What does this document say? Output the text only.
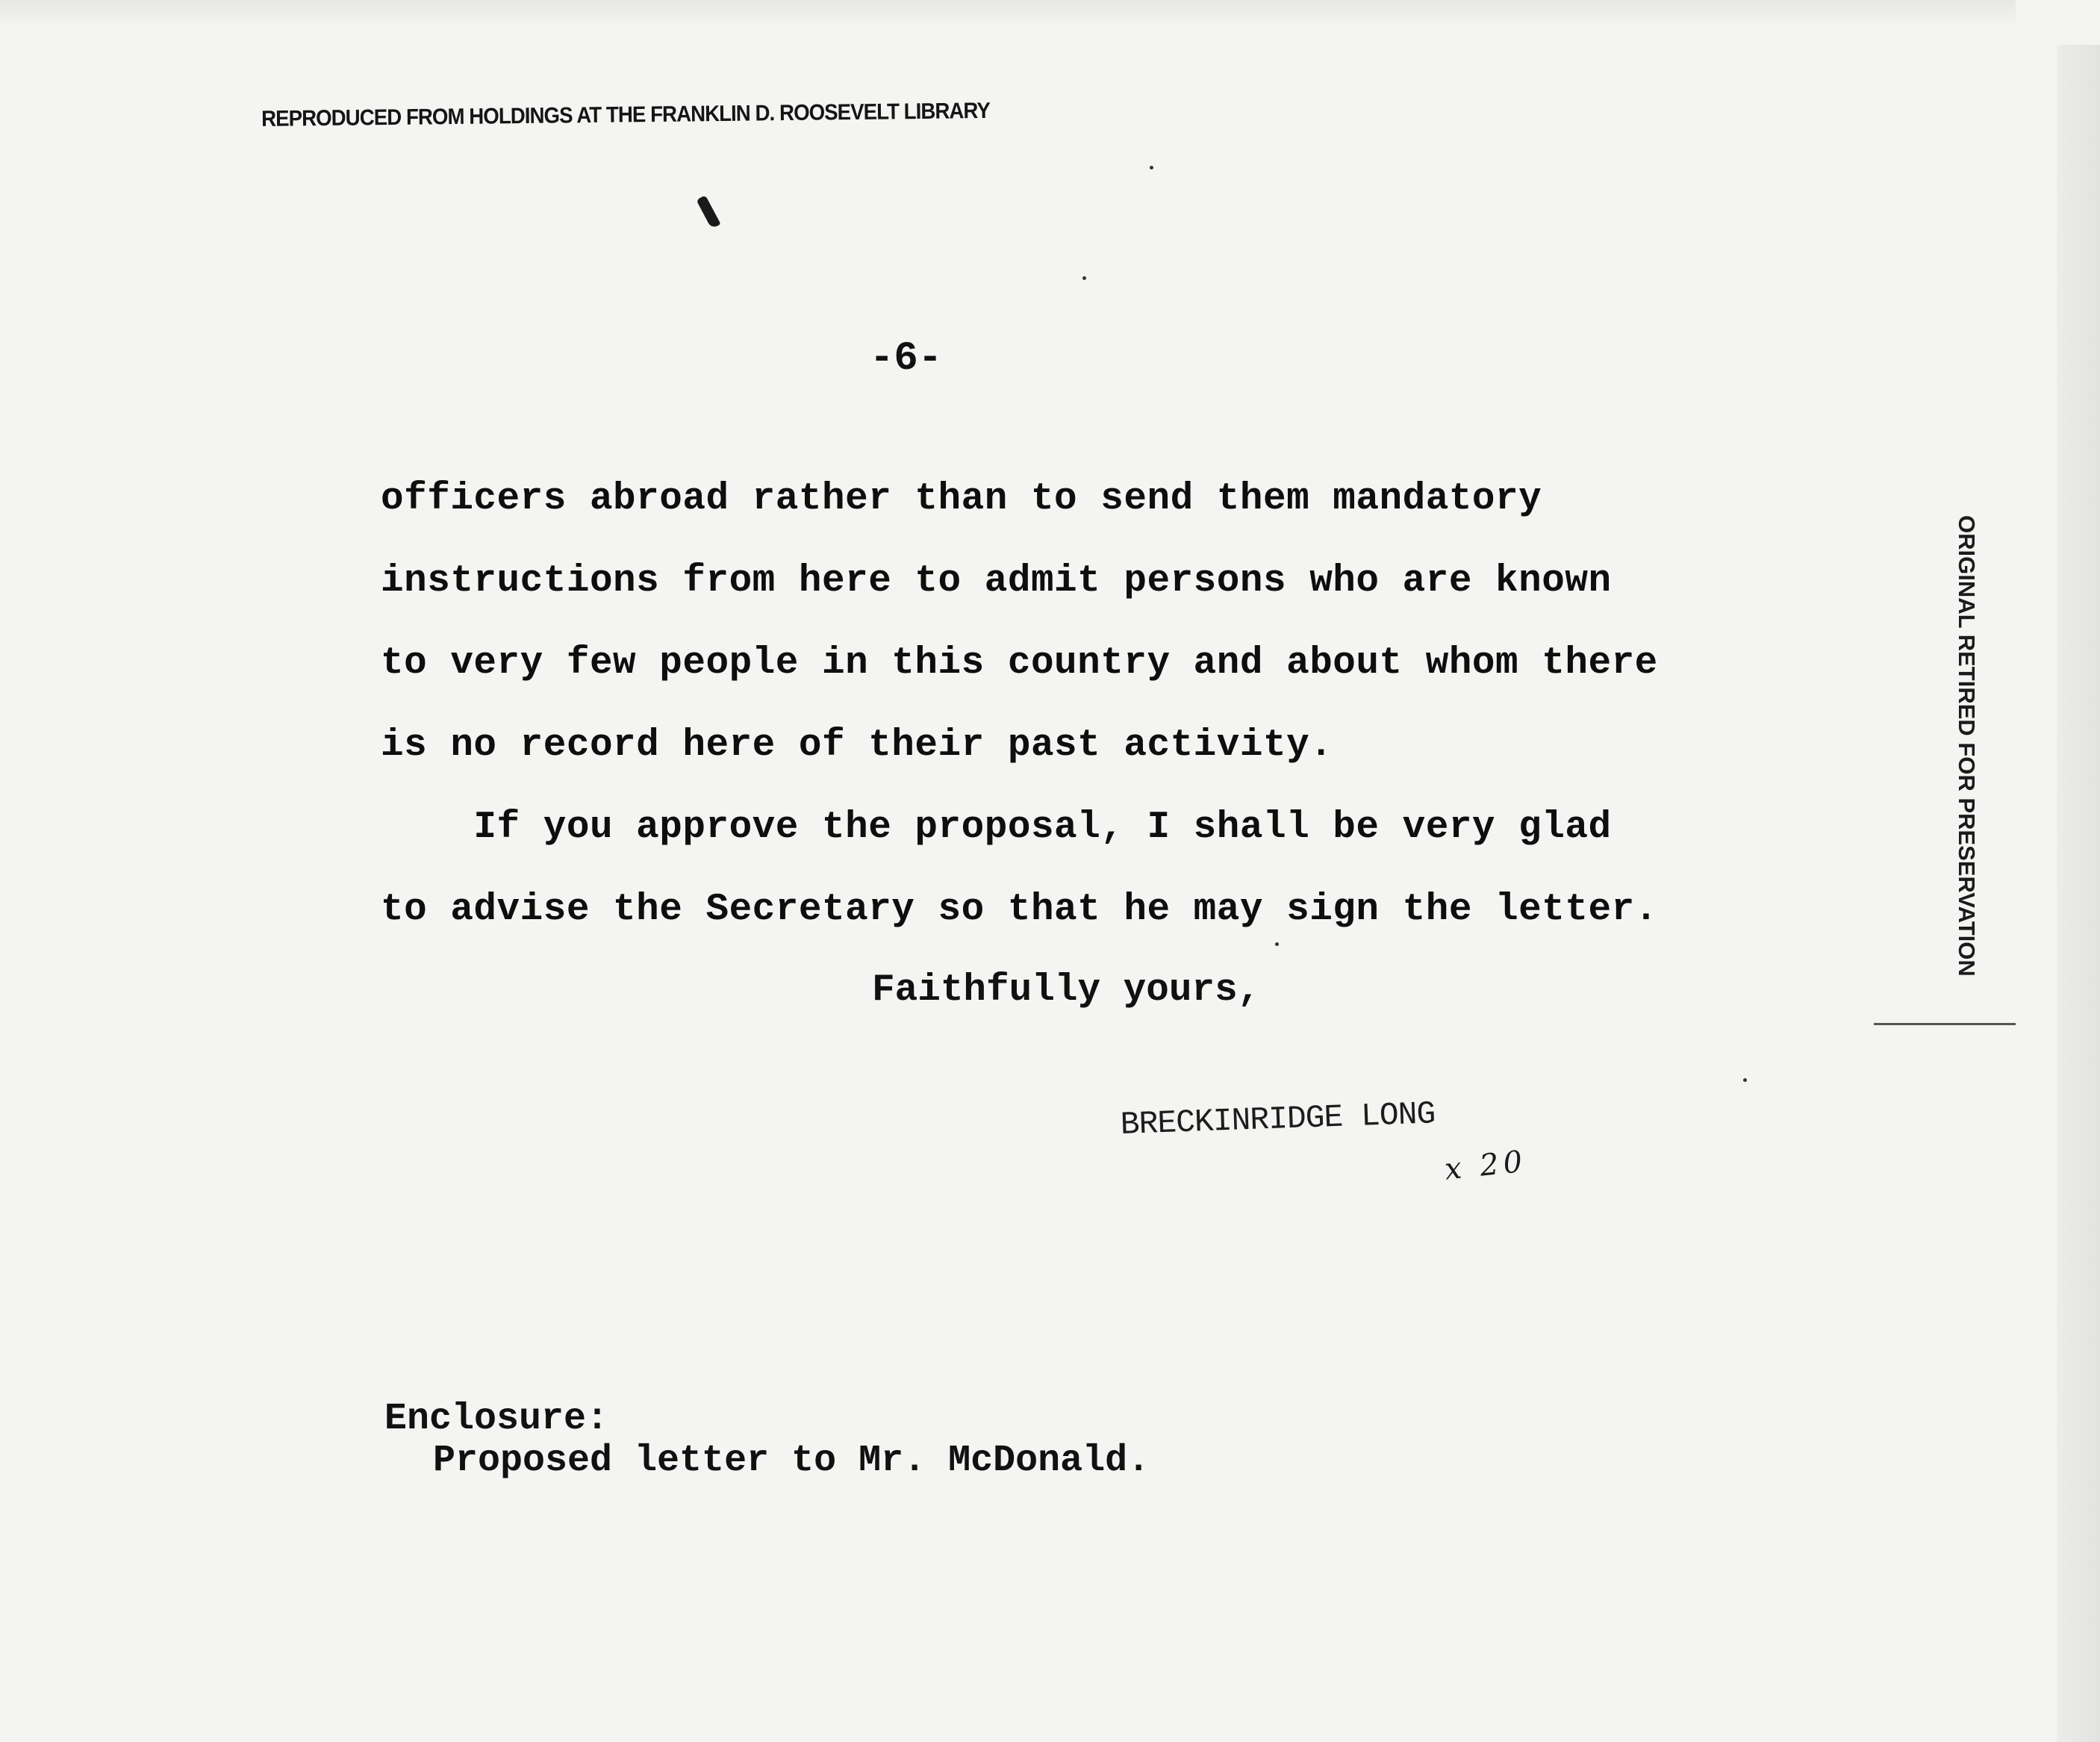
REPRODUCED FROM HOLDINGS AT THE FRANKLIN D. ROOSEVELT LIBRARY
-6-
officers abroad rather than to send them mandatory
instructions from here to admit persons who are known
to very few people in this country and about whom there
is no record here of their past activity.
If you approve the proposal, I shall be very glad
to advise the Secretary so that he may sign the letter.
Faithfully yours,
BRECKINRIDGE LONG
x 20
Enclosure:
Proposed letter to Mr. McDonald.
ORIGINAL RETIRED FOR PRESERVATION
